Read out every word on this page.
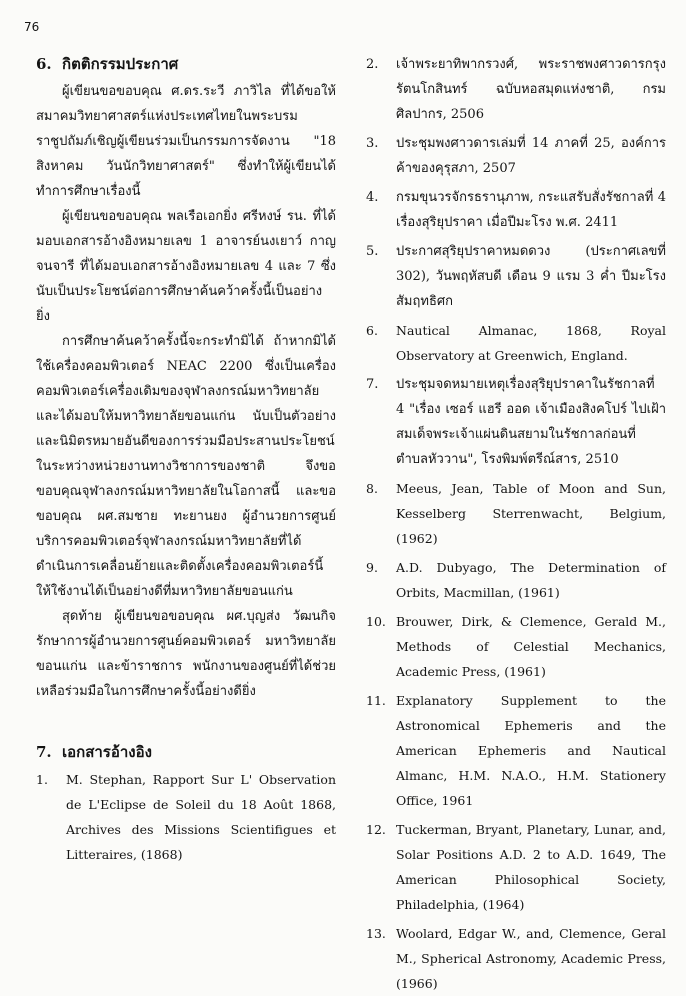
76
6. กิตติกรรมประกาศ

ผู้เขียนขอขอบคุณ ศ.ดร.ระวี ภาวิไล ที่ได้ขอให้สมาคมวิทยาศาสตร์แห่งประเทศไทยในพระบรมราชูปถัมภ์เชิญผู้เขียนร่วมเป็นกรรมการจัดงาน "18 สิงหาคม วันนักวิทยาศาสตร์" ซึ่งทำให้ผู้เขียนได้ทำการศึกษาเรื่องนี้

ผู้เขียนขอขอบคุณ พลเรือเอกยิ่ง ศรีหงษ์ รน. ที่ได้มอบเอกสารอ้างอิงหมายเลข 1 อาจารย์นงเยาว์ กาญจนจารี ที่ได้มอบเอกสารอ้างอิงหมายเลข 4 และ 7 ซึ่งนับเป็นประโยชน์ต่อการศึกษาค้นคว้าครั้งนี้เป็นอย่างยิ่ง

การศึกษาค้นคว้าครั้งนี้จะกระทำมิได้ ถ้าหากมิได้ใช้เครื่องคอมพิวเตอร์ NEAC 2200 ซึ่งเป็นเครื่องคอมพิวเตอร์เครื่องเดิมของจุฬาลงกรณ์มหาวิทยาลัย และได้มอบให้มหาวิทยาลัยขอนแก่น นับเป็นตัวอย่างและนิมิตรหมายอันดีของการร่วมมือประสานประโยชน์ในระหว่างหน่วยงานทางวิชาการของชาติ จึงขอขอบคุณจุฬาลงกรณ์มหาวิทยาลัยในโอกาสนี้ และขอขอบคุณ ผศ.สมชาย ทะยานยง ผู้อำนวยการศูนย์บริการคอมพิวเตอร์จุฬาลงกรณ์มหาวิทยาลัยที่ได้ดำเนินการเคลื่อนย้ายและติดตั้งเครื่องคอมพิวเตอร์นี้ให้ใช้งานได้เป็นอย่างดีที่มหาวิทยาลัยขอนแก่น

สุดท้าย ผู้เขียนขอขอบคุณ ผศ.บุญส่ง วัฒนกิจรักษาการผู้อำนวยการศูนย์คอมพิวเตอร์ มหาวิทยาลัยขอนแก่น และข้าราชการ พนักงานของศูนย์ที่ได้ช่วยเหลือร่วมมือในการศึกษาครั้งนี้อย่างดียิ่ง

7. เอกสารอ้างอิง
1.	M. Stephan, Rapport Sur L' Observation de L'Eclipse de Soleil du 18 Août 1868, Archives des Missions Scientifigues et Litteraires, (1868)
2.	เจ้าพระยาทิพากรวงศ์, พระราชพงศาวดารกรุงรัตนโกสินทร์ ฉบับหอสมุดแห่งชาติ, กรมศิลปากร, 2506
3.	ประชุมพงศาวดารเล่มที่ 14 ภาคที่ 25, องค์การค้าของคุรุสภา, 2507
4.	กรมขุนวรจักรธรานุภาพ, กระแสรับสั่งรัชกาลที่ 4 เรื่องสุริยุปราคา เมื่อปีมะโรง พ.ศ. 2411
5.	ประกาศสุริยุปราคาหมดดวง (ประกาศเลขที่ 302), วันพฤหัสบดี เดือน 9 แรม 3 ค่ำ ปีมะโรง สัมฤทธิศก
6.	Nautical Almanac, 1868, Royal Observatory at Greenwich, England.
7.	ประชุมจดหมายเหตุเรื่องสุริยุปราคาในรัชกาลที่ 4 "เรื่อง เซอร์ แฮรี ออด เจ้าเมืองสิงคโปร์ ไปเฝ้าสมเด็จพระเจ้าแผ่นดินสยามในรัชกาลก่อนที่ตำบลหัววาน", โรงพิมพ์ตรีณ์สาร, 2510
8.	Meeus, Jean, Table of Moon and Sun, Kesselberg Sterrenwacht, Belgium, (1962)
9.	A.D. Dubyago, The Determination of Orbits, Macmillan, (1961)
10. Brouwer, Dirk, & Clemence, Gerald M., Methods of Celestial Mechanics, Academic Press, (1961)
11. Explanatory Supplement to the Astronomical Ephemeris and the American Ephemeris and Nautical Almanc, H.M. N.A.O., H.M. Stationery Office, 1961
12. Tuckerman, Bryant, Planetary, Lunar, and, Solar Positions A.D. 2 to A.D. 1649, The American Philosophical Society, Philadelphia, (1964)
13. Woolard, Edgar W., and, Clemence, Geral M., Spherical Astronomy, Academic Press, (1966)
